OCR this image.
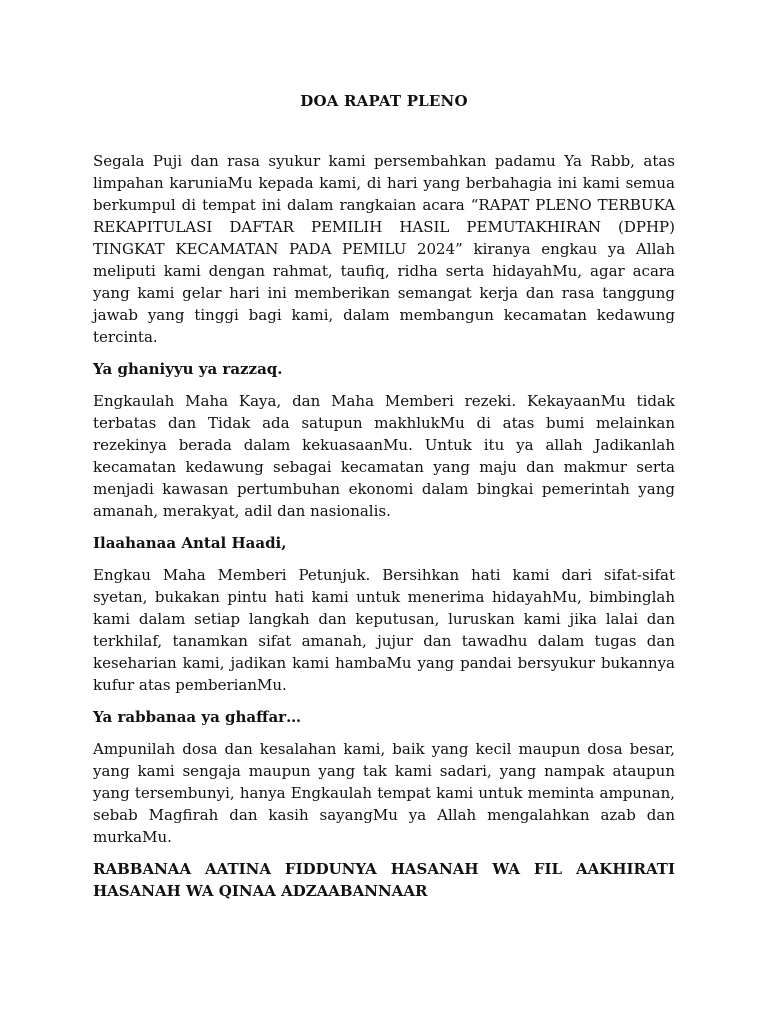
DOA RAPAT PLENO

Segala Puji dan rasa syukur kami persembahkan padamu Ya Rabb, atas limpahan karuniaMu kepada kami, di hari yang berbahagia ini kami semua berkumpul di tempat ini dalam rangkaian acara “RAPAT PLENO TERBUKA REKAPITULASI DAFTAR PEMILIH HASIL PEMUTAKHIRAN (DPHP) TINGKAT KECAMATAN PADA PEMILU 2024” kiranya engkau ya Allah meliputi kami dengan rahmat, taufiq, ridha serta hidayahMu, agar acara yang kami gelar hari ini memberikan semangat kerja dan rasa tanggung jawab yang tinggi bagi kami, dalam membangun kecamatan kedawung tercinta.

Ya ghaniyyu ya razzaq.

Engkaulah Maha Kaya, dan Maha Memberi rezeki. KekayaanMu tidak terbatas dan Tidak ada satupun makhlukMu di atas bumi melainkan rezekinya berada dalam kekuasaanMu. Untuk itu ya allah Jadikanlah kecamatan kedawung sebagai kecamatan yang maju dan makmur serta menjadi kawasan pertumbuhan ekonomi dalam bingkai pemerintah yang amanah, merakyat, adil dan nasionalis.

Ilaahanaa Antal Haadi,

Engkau Maha Memberi Petunjuk. Bersihkan hati kami dari sifat-sifat syetan, bukakan pintu hati kami untuk menerima hidayahMu, bimbinglah kami dalam setiap langkah dan keputusan, luruskan kami jika lalai dan terkhilaf, tanamkan sifat amanah, jujur dan tawadhu dalam tugas dan keseharian kami, jadikan kami hambaMu yang pandai bersyukur bukannya kufur atas pemberianMu.

Ya rabbanaa ya ghaffar…

Ampunilah dosa dan kesalahan kami, baik yang kecil maupun dosa besar, yang kami sengaja maupun yang tak kami sadari, yang nampak ataupun yang tersembunyi, hanya Engkaulah tempat kami untuk meminta ampunan, sebab Magfirah dan kasih sayangMu ya Allah mengalahkan azab dan murkaMu.

RABBANAA AATINA FIDDUNYA HASANAH WA FIL AAKHIRATI HASANAH WA QINAA ADZAABANNAAR
